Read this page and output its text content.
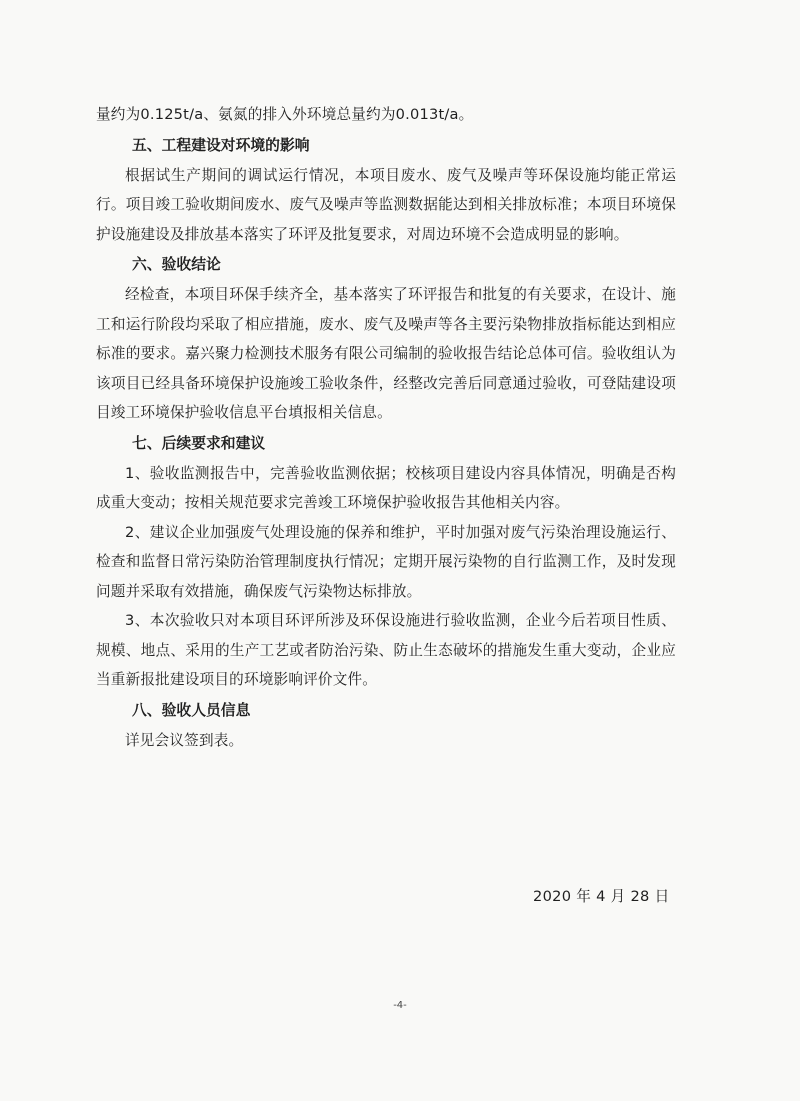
量约为0.125t/a、氨氮的排入外环境总量约为0.013t/a。
五、工程建设对环境的影响

根据试生产期间的调试运行情况，本项目废水、废气及噪声等环保设施均能正常运行。项目竣工验收期间废水、废气及噪声等监测数据能达到相关排放标准；本项目环境保护设施建设及排放基本落实了环评及批复要求，对周边环境不会造成明显的影响。

六、验收结论

经检查，本项目环保手续齐全，基本落实了环评报告和批复的有关要求，在设计、施工和运行阶段均采取了相应措施，废水、废气及噪声等各主要污染物排放指标能达到相应标准的要求。嘉兴聚力检测技术服务有限公司编制的验收报告结论总体可信。验收组认为该项目已经具备环境保护设施竣工验收条件，经整改完善后同意通过验收，可登陆建设项目竣工环境保护验收信息平台填报相关信息。

七、后续要求和建议

1、验收监测报告中，完善验收监测依据；校核项目建设内容具体情况，明确是否构成重大变动；按相关规范要求完善竣工环境保护验收报告其他相关内容。

2、建议企业加强废气处理设施的保养和维护，平时加强对废气污染治理设施运行、检查和监督日常污染防治管理制度执行情况；定期开展污染物的自行监测工作，及时发现问题并采取有效措施，确保废气污染物达标排放。

3、本次验收只对本项目环评所涉及环保设施进行验收监测，企业今后若项目性质、规模、地点、采用的生产工艺或者防治污染、防止生态破坏的措施发生重大变动，企业应当重新报批建设项目的环境影响评价文件。

八、验收人员信息

详见会议签到表。

2020 年 4 月 28 日
-4-
